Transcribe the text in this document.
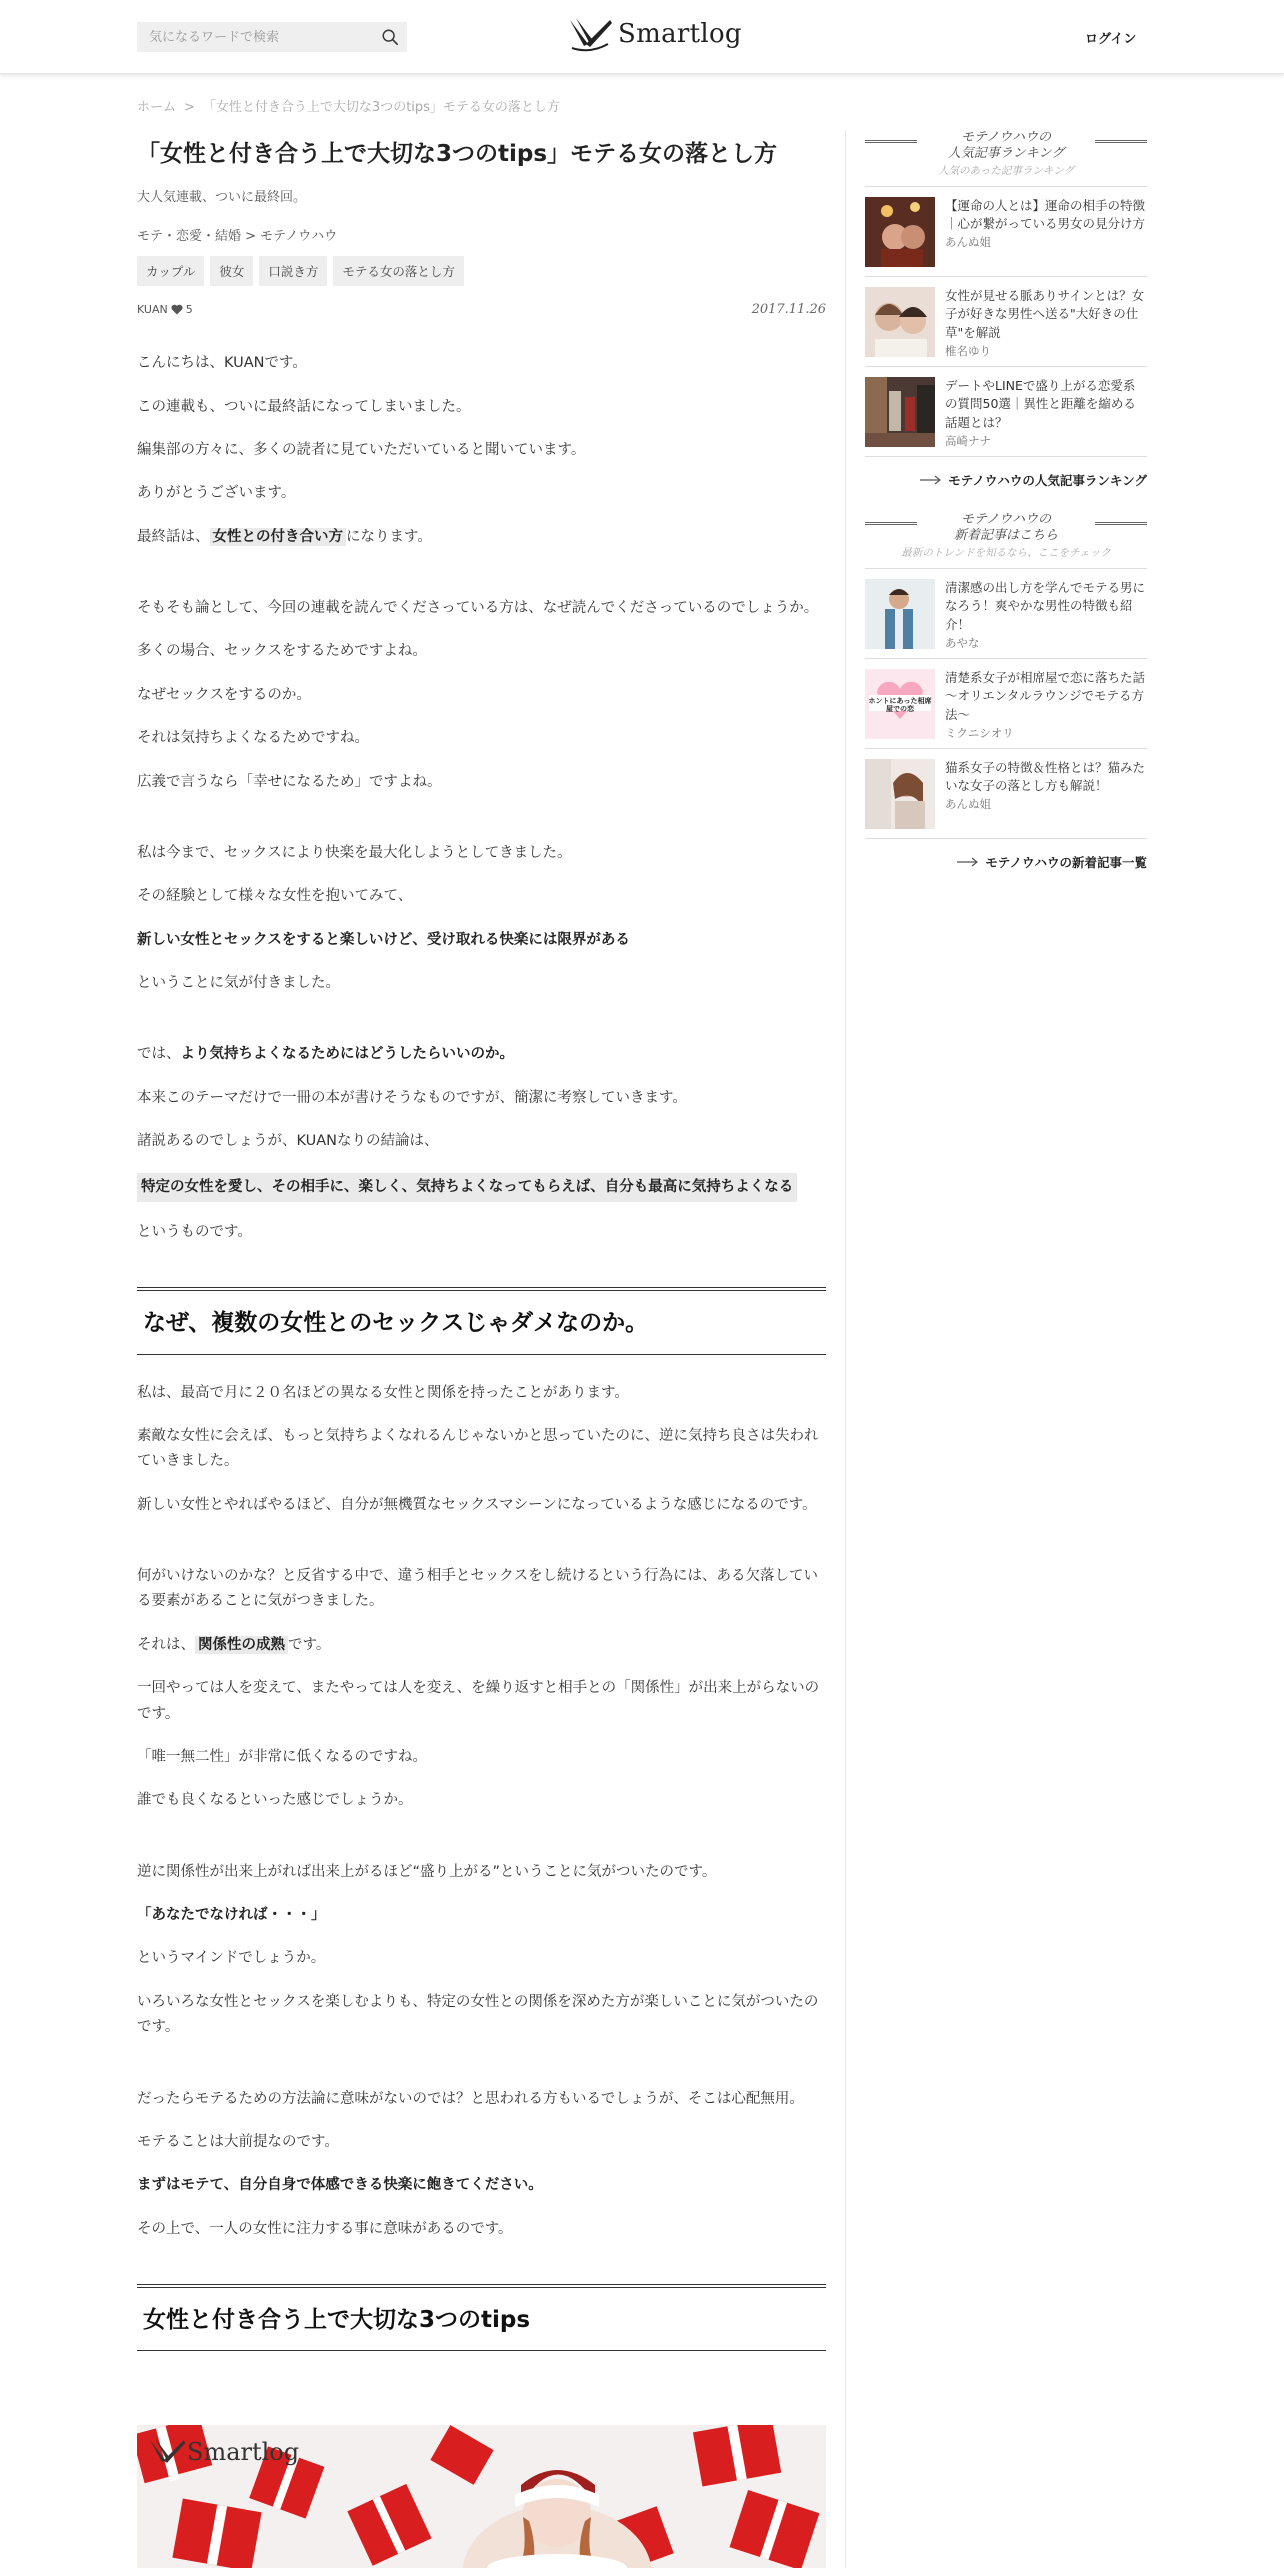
気になるワードで検索
Smartlog	ログイン
ホーム > 「女性と付き合う上で大切な3つのtips」モテる女の落とし方
「女性と付き合う上で大切な3つのtips」モテる女の落とし方
大人気連載、ついに最終回。
モテ・恋愛・結婚 > モテノウハウ
カップル	彼女	口説き方	モテる女の落とし方
KUAN 5	2017.11.26
こんにちは、KUANです。
この連載も、ついに最終話になってしまいました。
編集部の方々に、多くの読者に見ていただいていると聞いています。
ありがとうございます。
最終話は、 女性との付き合い方 になります。
そもそも論として、今回の連載を読んでくださっている方は、なぜ読んでくださっているのでしょうか。
多くの場合、セックスをするためですよね。
なぜセックスをするのか。
それは気持ちよくなるためですね。
広義で言うなら「幸せになるため」ですよね。
私は今まで、セックスにより快楽を最大化しようとしてきました。
その経験として様々な女性を抱いてみて、
新しい女性とセックスをすると楽しいけど、受け取れる快楽には限界がある
ということに気が付きました。
では、より気持ちよくなるためにはどうしたらいいのか。
本来このテーマだけで一冊の本が書けそうなものですが、簡潔に考察していきます。
諸説あるのでしょうが、KUANなりの結論は、
特定の女性を愛し、その相手に、楽しく、気持ちよくなってもらえば、自分も最高に気持ちよくなる
というものです。
なぜ、複数の女性とのセックスじゃダメなのか。
私は、最高で月に２０名ほどの異なる女性と関係を持ったことがあります。
素敵な女性に会えば、もっと気持ちよくなれるんじゃないかと思っていたのに、逆に気持ち良さは失われていきました。
新しい女性とやればやるほど、自分が無機質なセックスマシーンになっているような感じになるのです。
何がいけないのかな？と反省する中で、違う相手とセックスをし続けるという行為には、ある欠落している要素があることに気がつきました。
それは、 関係性の成熟 です。
一回やっては人を変えて、またやっては人を変え、を繰り返すと相手との「関係性」が出来上がらないのです。
「唯一無二性」が非常に低くなるのですね。
誰でも良くなるといった感じでしょうか。
逆に関係性が出来上がれば出来上がるほど“盛り上がる”ということに気がついたのです。
「あなたでなければ・・・」
というマインドでしょうか。
いろいろな女性とセックスを楽しむよりも、特定の女性との関係を深めた方が楽しいことに気がついたのです。
だったらモテるための方法論に意味がないのでは？と思われる方もいるでしょうが、そこは心配無用。
モテることは大前提なのです。
まずはモテて、自分自身で体感できる快楽に飽きてください。
その上で、一人の女性に注力する事に意味があるのです。
女性と付き合う上で大切な3つのtips
Smartlog
モテノウハウの
人気記事ランキング
人気のあった記事ランキング
【運命の人とは】運命の相手の特徴｜心が繋がっている男女の見分け方
あんぬ姐
女性が見せる脈ありサインとは？女子が好きな男性へ送る"大好きの仕草"を解説
椎名ゆり
デートやLINEで盛り上がる恋愛系の質問50選｜異性と距離を縮める話題とは？
高崎ナナ
モテノウハウの人気記事ランキング
モテノウハウの
新着記事はこちら
最新のトレンドを知るなら、ここをチェック
清潔感の出し方を学んでモテる男になろう！爽やかな男性の特徴も紹介！
あやな
ホントにあった相席屋での恋
清楚系女子が相席屋で恋に落ちた話 〜オリエンタルラウンジでモテる方法〜
ミクニシオリ
猫系女子の特徴＆性格とは？猫みたいな女子の落とし方も解説！
あんぬ姐
モテノウハウの新着記事一覧
